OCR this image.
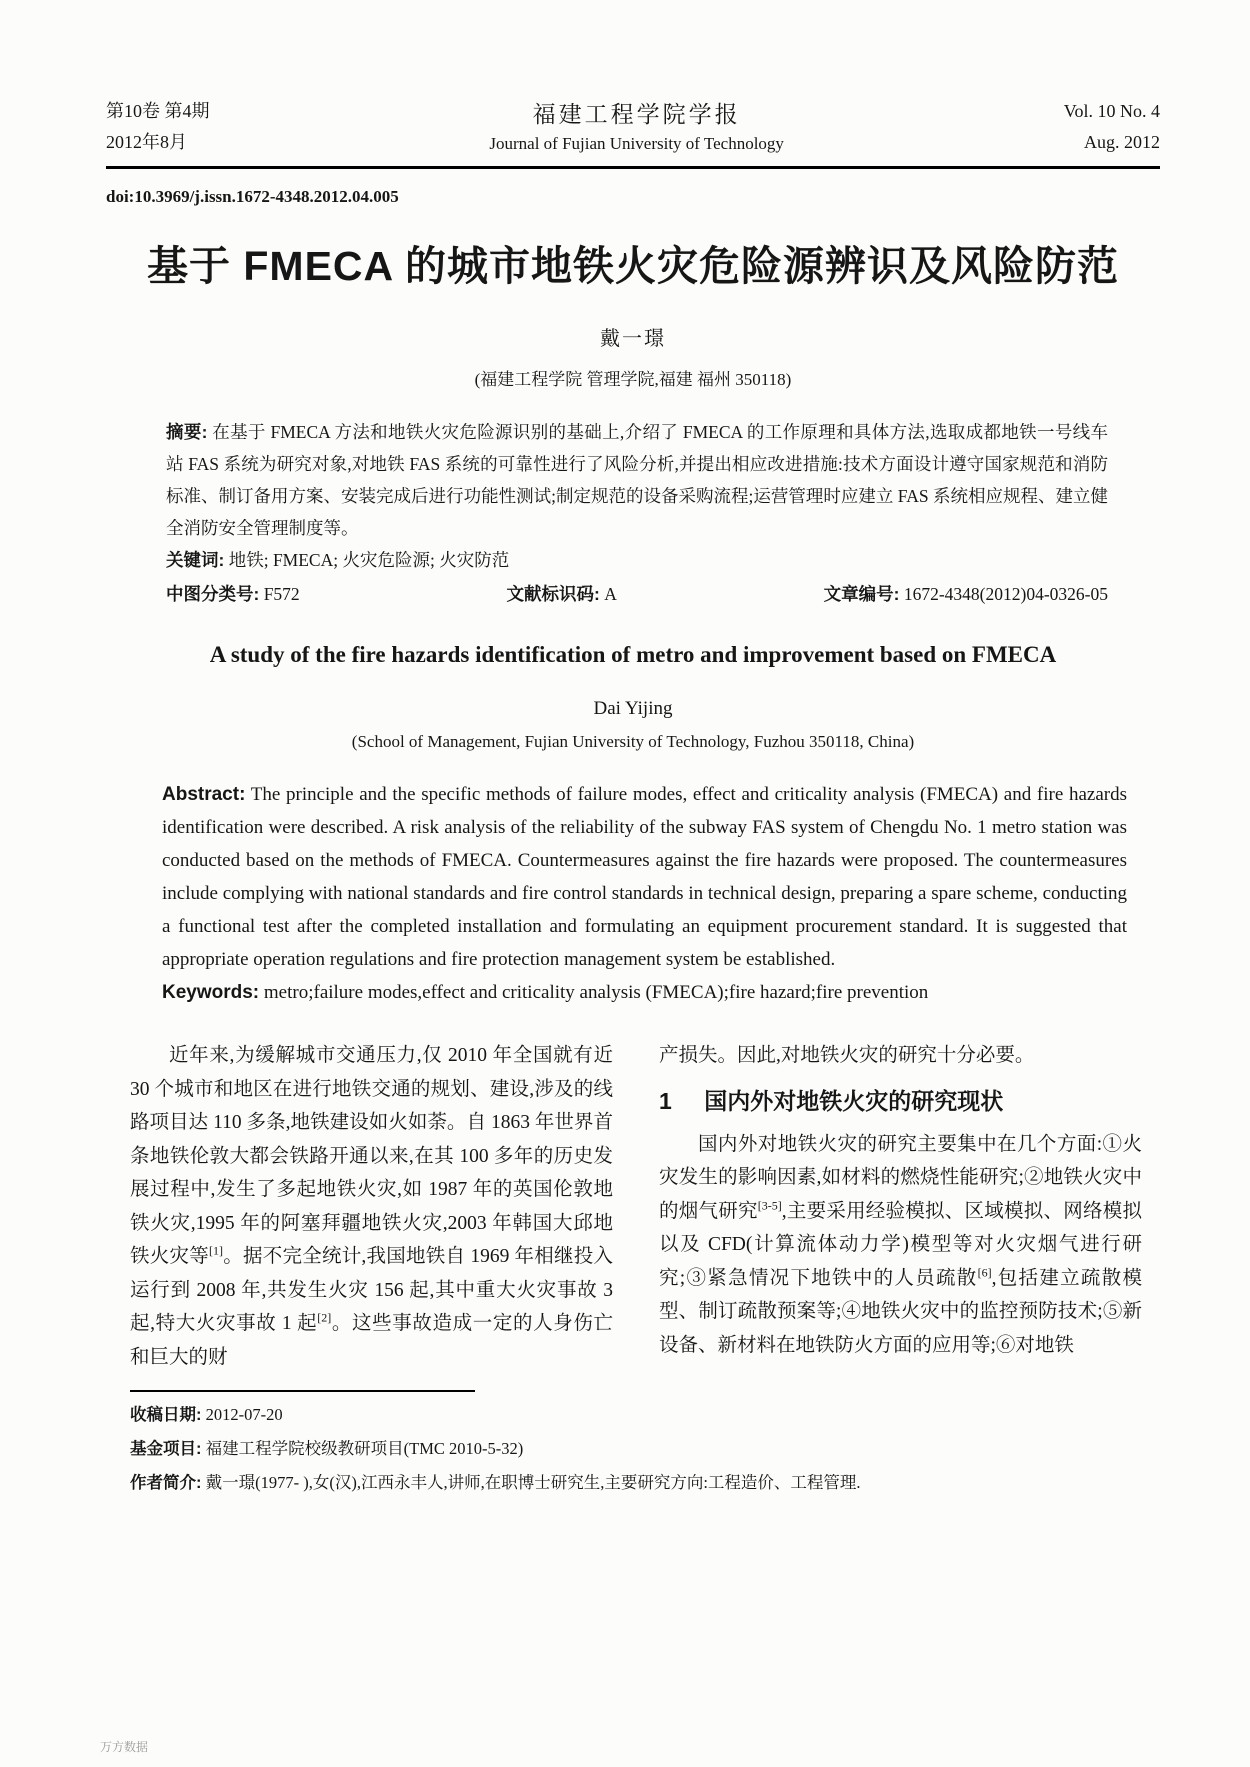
第10卷 第4期
2012年8月
福建工程学院学报
Journal of Fujian University of Technology
Vol. 10 No. 4
Aug. 2012
doi:10.3969/j.issn.1672-4348.2012.04.005
基于 FMECA 的城市地铁火灾危险源辨识及风险防范
戴一璟
(福建工程学院 管理学院,福建 福州 350118)
摘要: 在基于 FMECA 方法和地铁火灾危险源识别的基础上,介绍了 FMECA 的工作原理和具体方法,选取成都地铁一号线车站 FAS 系统为研究对象,对地铁 FAS 系统的可靠性进行了风险分析,并提出相应改进措施:技术方面设计遵守国家规范和消防标准、制订备用方案、安装完成后进行功能性测试;制定规范的设备采购流程;运营管理时应建立 FAS 系统相应规程、建立健全消防安全管理制度等。
关键词: 地铁; FMECA; 火灾危险源; 火灾防范
中图分类号: F572	文献标识码: A	文章编号: 1672-4348(2012)04-0326-05
A study of the fire hazards identification of metro and improvement based on FMECA
Dai Yijing
(School of Management, Fujian University of Technology, Fuzhou 350118, China)
Abstract: The principle and the specific methods of failure modes, effect and criticality analysis (FMECA) and fire hazards identification were described. A risk analysis of the reliability of the subway FAS system of Chengdu No. 1 metro station was conducted based on the methods of FMECA. Countermeasures against the fire hazards were proposed. The countermeasures include complying with national standards and fire control standards in technical design, preparing a spare scheme, conducting a functional test after the completed installation and formulating an equipment procurement standard. It is suggested that appropriate operation regulations and fire protection management system be established.
Keywords: metro;failure modes,effect and criticality analysis (FMECA);fire hazard;fire prevention
近年来,为缓解城市交通压力,仅 2010 年全国就有近 30 个城市和地区在进行地铁交通的规划、建设,涉及的线路项目达 110 多条,地铁建设如火如荼。自 1863 年世界首条地铁伦敦大都会铁路开通以来,在其 100 多年的历史发展过程中,发生了多起地铁火灾,如 1987 年的英国伦敦地铁火灾,1995 年的阿塞拜疆地铁火灾,2003 年韩国大邱地铁火灾等[1]。据不完全统计,我国地铁自 1969 年相继投入运行到 2008 年,共发生火灾 156 起,其中重大火灾事故 3 起,特大火灾事故 1 起[2]。这些事故造成一定的人身伤亡和巨大的财
产损失。因此,对地铁火灾的研究十分必要。
1 国内外对地铁火灾的研究现状
国内外对地铁火灾的研究主要集中在几个方面:①火灾发生的影响因素,如材料的燃烧性能研究;②地铁火灾中的烟气研究[3-5],主要采用经验模拟、区域模拟、网络模拟以及 CFD(计算流体动力学)模型等对火灾烟气进行研究;③紧急情况下地铁中的人员疏散[6],包括建立疏散模型、制订疏散预案等;④地铁火灾中的监控预防技术;⑤新设备、新材料在地铁防火方面的应用等;⑥对地铁
收稿日期: 2012-07-20
基金项目: 福建工程学院校级教研项目(TMC 2010-5-32)
作者简介: 戴一璟(1977- ),女(汉),江西永丰人,讲师,在职博士研究生,主要研究方向:工程造价、工程管理.
万方数据
